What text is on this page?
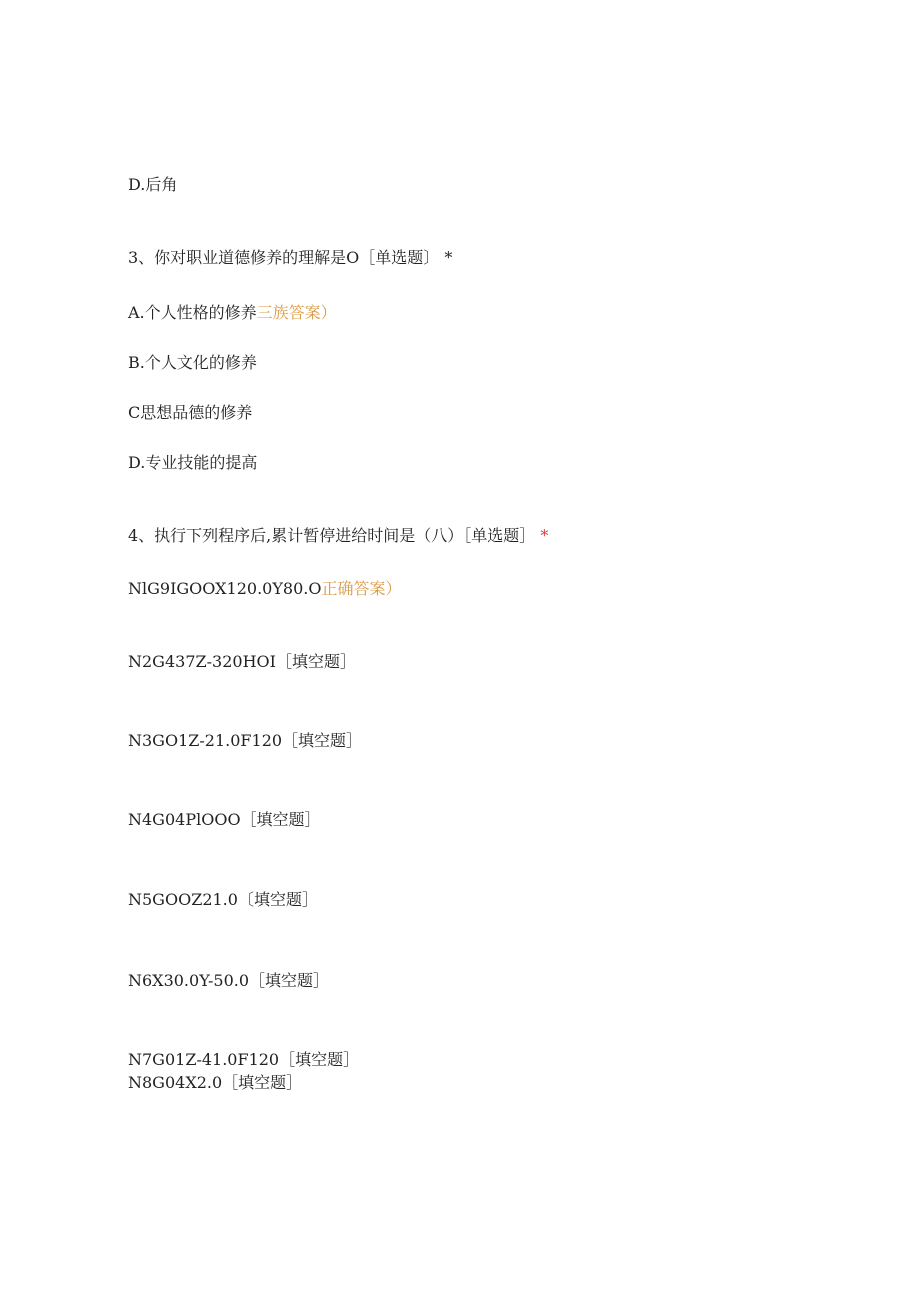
D.后角
3、你对职业道德修养的理解是O［单选题〕 *
A.个人性格的修养三族答案）
B.个人文化的修养
C思想品德的修养
D.专业技能的提高
4、执行下列程序后,累计暂停进给时间是（八）［单选题］ *
NlG9IGOOX120.0Y80.O正确答案）
N2G437Z-320HOI［填空题］
N3GO1Z-21.0F120［填空题］
N4G04PlOOO［填空题］
N5GOOZ21.0〔填空题］
N6X30.0Y-50.0［填空题］
N7G01Z-41.0F120［填空题］
N8G04X2.0［填空题］
